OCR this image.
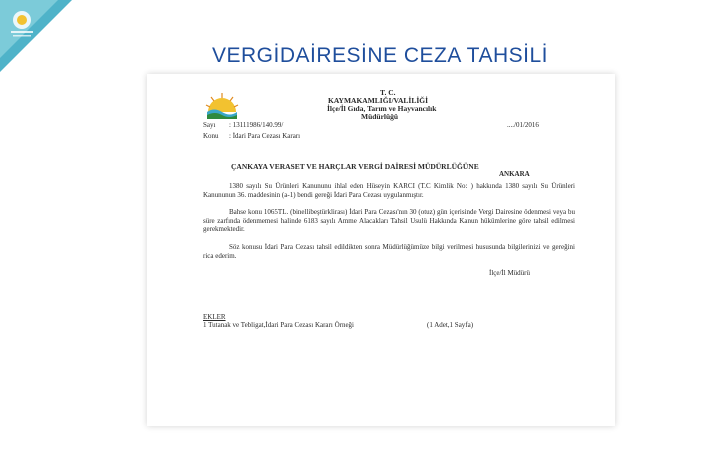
VERGİDAİRESİNE CEZA TAHSİLİ
T. C.
KAYMAKAMLIĞI/VALİLİĞİ
İlçe/İl Gıda, Tarım ve Hayvancılık
Müdürlüğü
Sayı : 13111986/140.99/	..../01/2016
Konu : İdari Para Cezası Kararı
ÇANKAYA VERASET VE HARÇLAR VERGİ DAİRESİ MÜDÜRLÜĞÜNE
ANKARA

1380 sayılı Su Ürünleri Kanununu ihlal eden Hüseyin KARCI (T.C Kimlik No: ) hakkında 1380 sayılı Su Ürünleri Kanununun 36. maddesinin (a-1) bendi gereği İdari Para Cezası uygulanmıştır.

Bahse konu 1065TL. (binellibeştürklirası) İdari Para Cezası'nın 30 (otuz) gün içerisinde Vergi Dairesine ödenmesi veya bu süre zarfında ödenmemesi halinde 6183 sayılı Amme Alacakları Tahsil Usulü Hakkında Kanun hükümlerine göre tahsil edilmesi gerekmektedir.

Söz konusu İdari Para Cezası tahsil edildikten sonra Müdürlüğümüze bilgi verilmesi hususunda bilgilerinizi ve gereğini rica ederim.

İlçe/İl Müdürü
EKLER
1 Tutanak ve Tebligat,İdari Para Cezası Kararı Örneği	(1 Adet,1 Sayfa)
